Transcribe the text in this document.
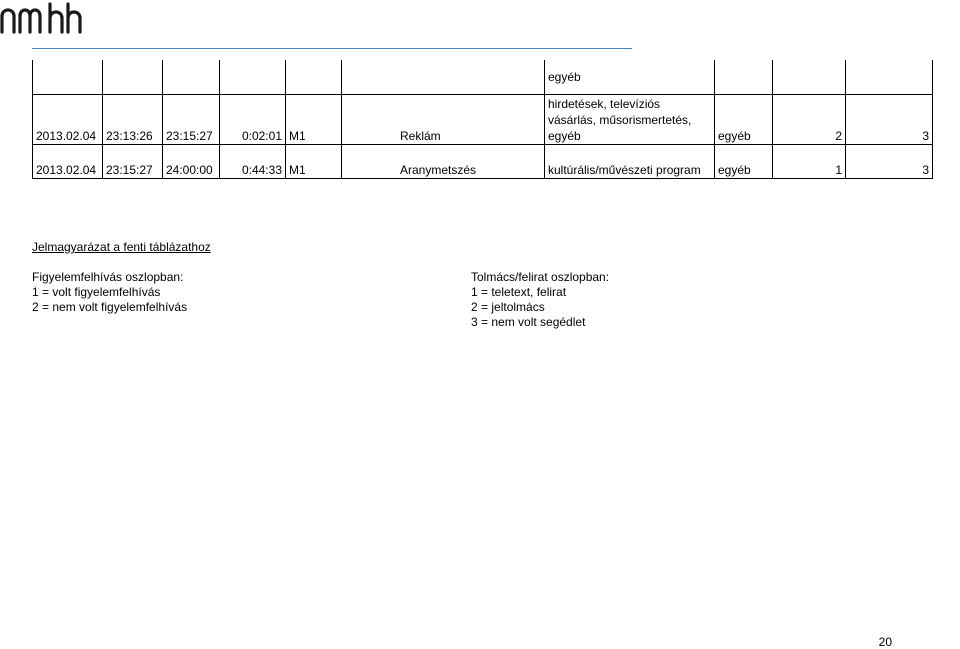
						egyéb			
2013.02.04	23:13:26	23:15:27	0:02:01	M1	Reklám	hirdetések, televíziós vásárlás, műsorismertetés, egyéb	egyéb	2	3
2013.02.04	23:15:27	24:00:00	0:44:33	M1	Aranymetszés	kultúrális/művészeti program	egyéb	1	3
Jelmagyarázat a fenti táblázathoz
Figyelemfelhívás oszlopban:
1 = volt figyelemfelhívás
2 = nem volt figyelemfelhívás
Tolmács/felirat oszlopban:
1 = teletext, felirat
2 = jeltolmács
3 = nem volt segédlet
20
